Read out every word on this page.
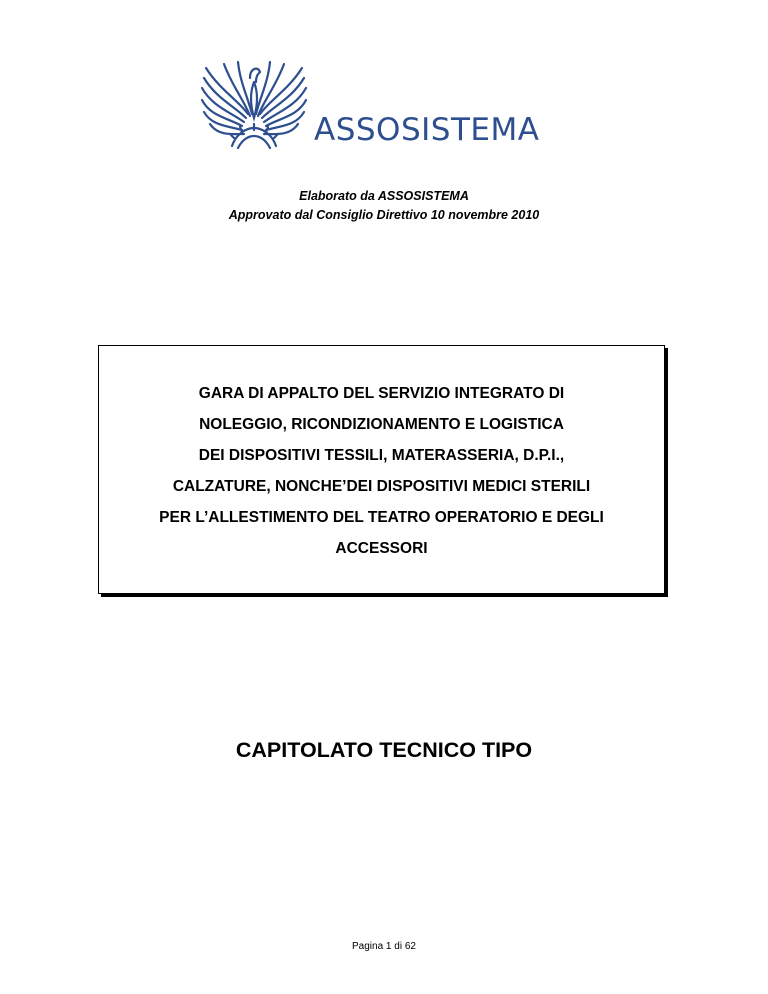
ASSOSISTEMA
Elaborato da ASSOSISTEMA
Approvato dal Consiglio Direttivo 10 novembre 2010
GARA DI APPALTO DEL SERVIZIO INTEGRATO DI
NOLEGGIO, RICONDIZIONAMENTO E LOGISTICA
DEI DISPOSITIVI TESSILI, MATERASSERIA, D.P.I.,
CALZATURE, NONCHE’DEI DISPOSITIVI MEDICI STERILI
PER L’ALLESTIMENTO DEL TEATRO OPERATORIO E DEGLI
ACCESSORI
CAPITOLATO TECNICO TIPO
Pagina 1 di 62
